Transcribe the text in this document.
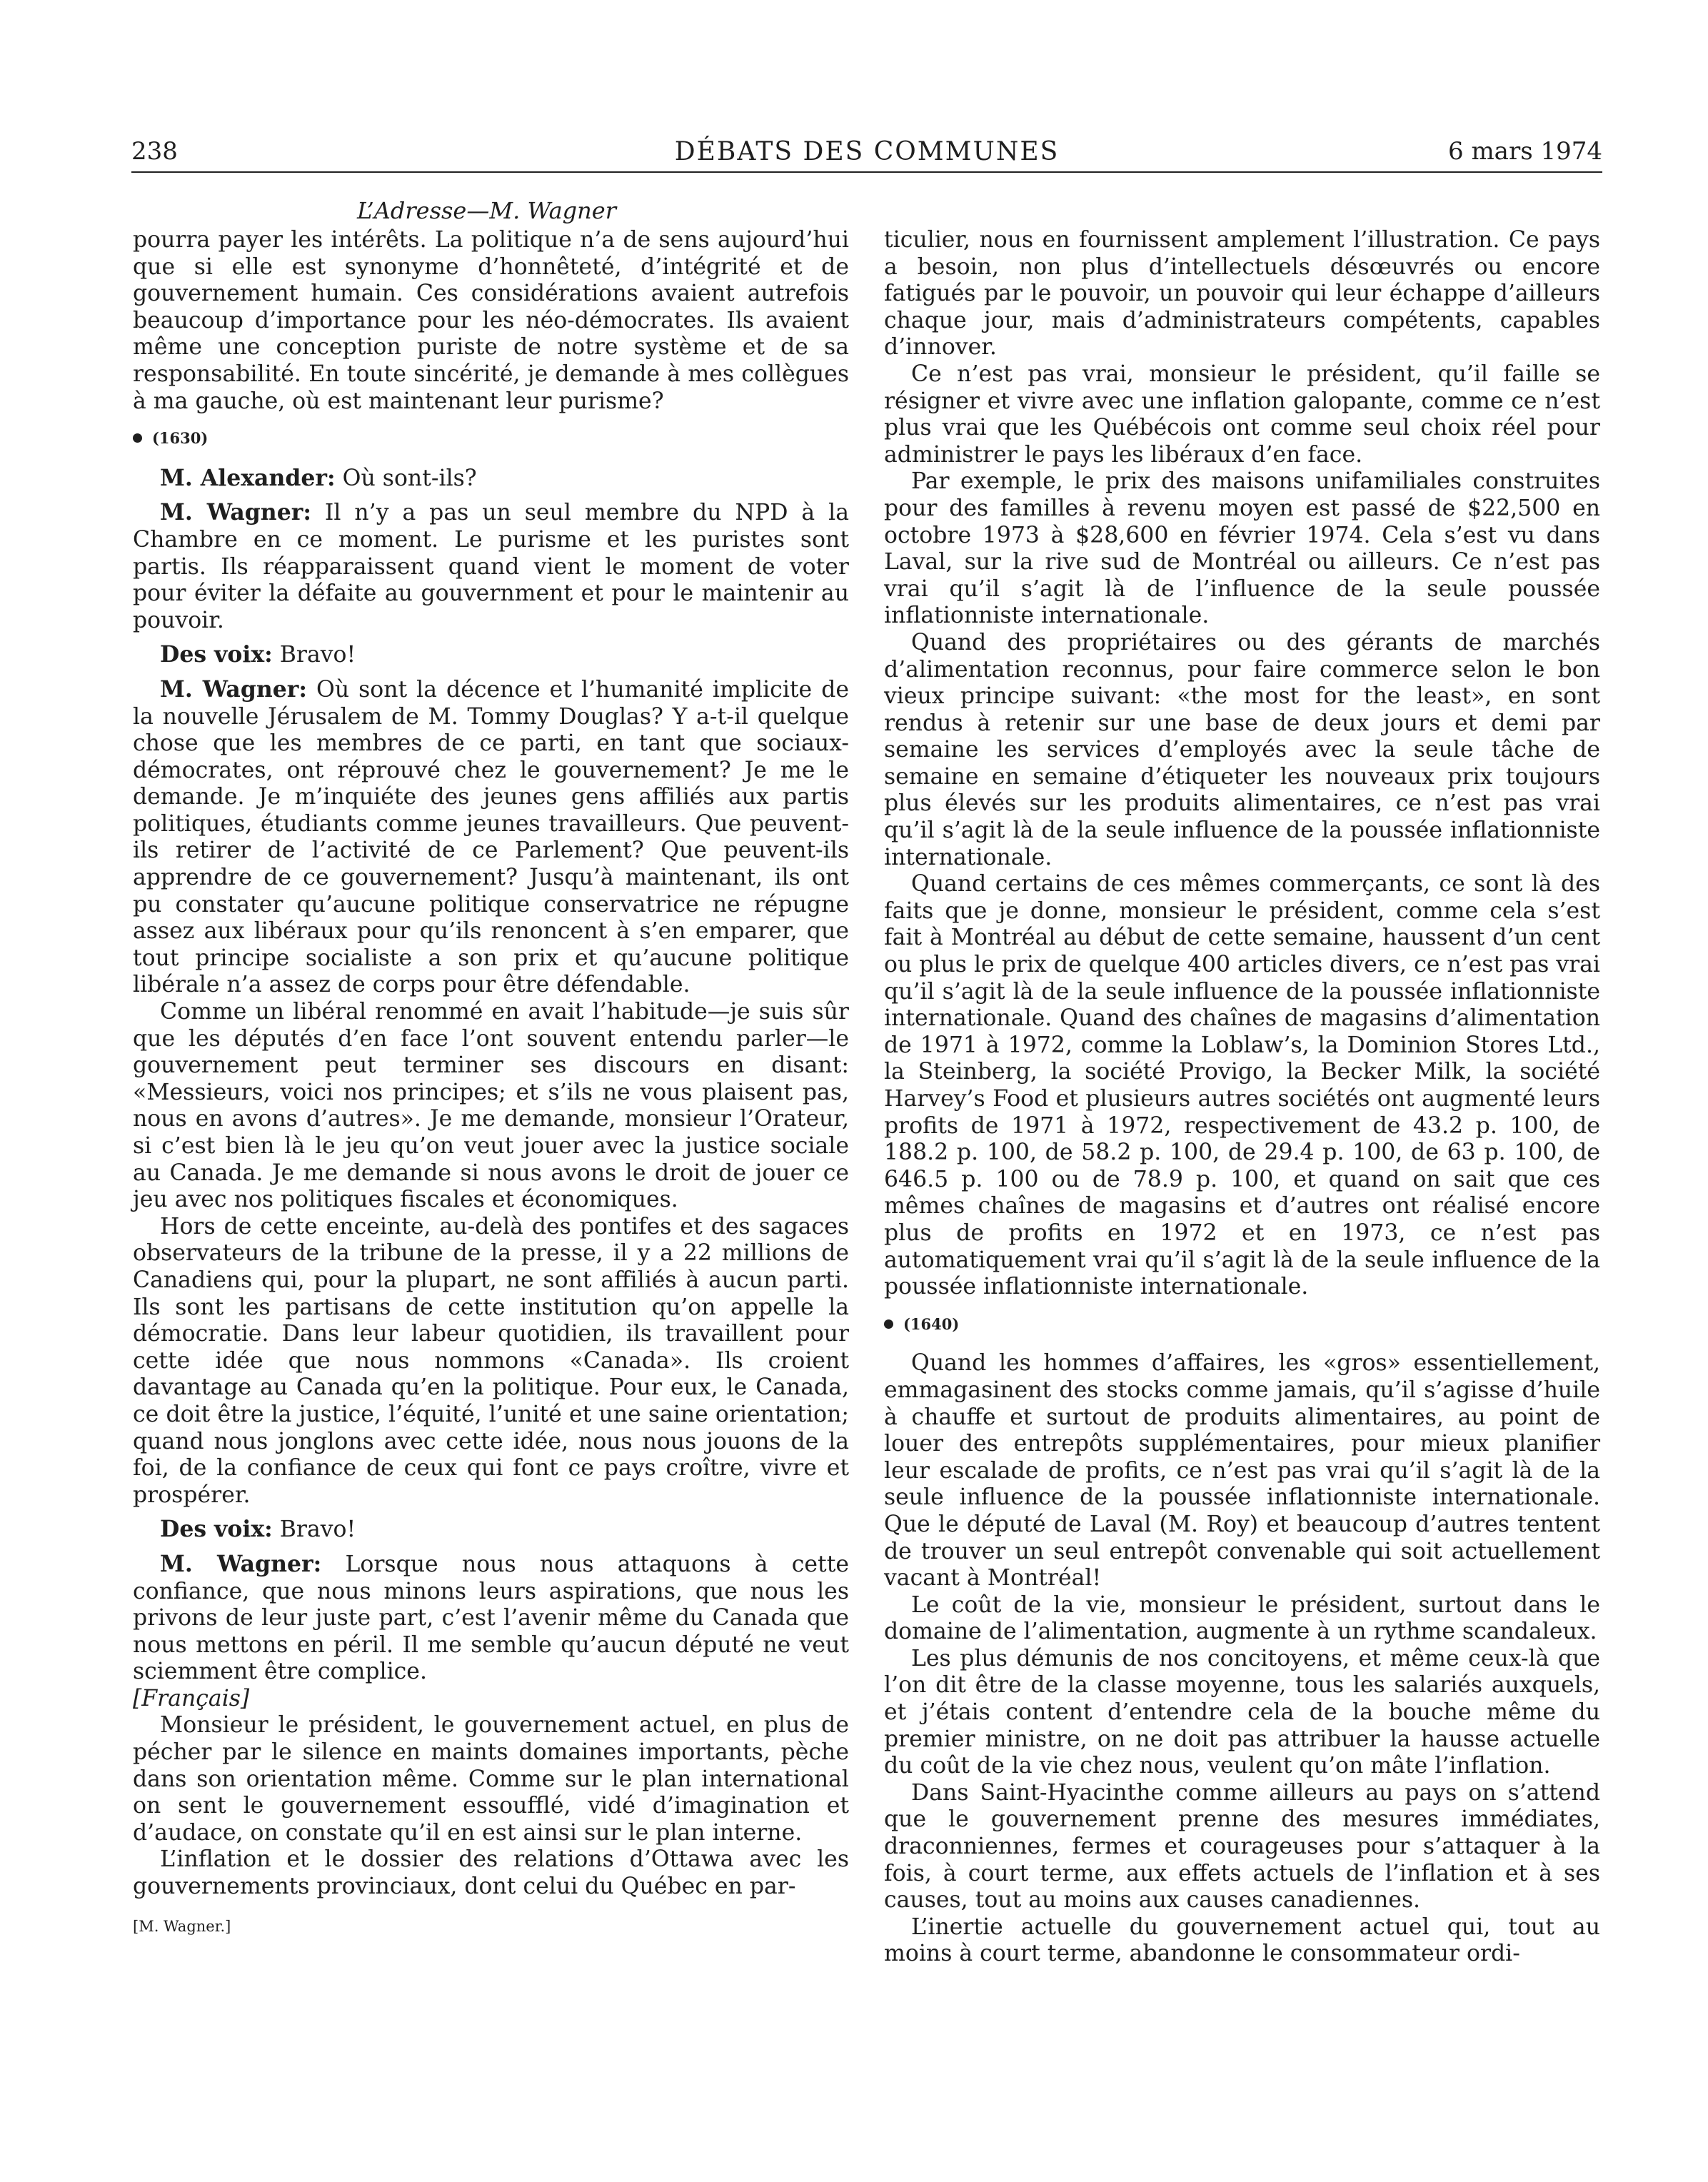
238	DÉBATS DES COMMUNES	6 mars 1974
L’Adresse—M. Wagner

pourra payer les intérêts. La politique n’a de sens aujourd’hui que si elle est synonyme d’honnêteté, d’intégrité et de gouvernement humain. Ces considérations avaient autrefois beaucoup d’importance pour les néo-démocrates. Ils avaient même une conception puriste de notre système et de sa responsabilité. En toute sincérité, je demande à mes collègues à ma gauche, où est maintenant leur purisme?

(1630)

M. Alexander: Où sont-ils?

M. Wagner: Il n’y a pas un seul membre du NPD à la Chambre en ce moment. Le purisme et les puristes sont partis. Ils réapparaissent quand vient le moment de voter pour éviter la défaite au gouvernment et pour le maintenir au pouvoir.

Des voix: Bravo!

M. Wagner: Où sont la décence et l’humanité implicite de la nouvelle Jérusalem de M. Tommy Douglas? Y a-t-il quelque chose que les membres de ce parti, en tant que sociaux-démocrates, ont réprouvé chez le gouvernement? Je me le demande. Je m’inquiéte des jeunes gens affiliés aux partis politiques, étudiants comme jeunes travailleurs. Que peuvent-ils retirer de l’activité de ce Parlement? Que peuvent-ils apprendre de ce gouvernement? Jusqu’à maintenant, ils ont pu constater qu’aucune politique conservatrice ne répugne assez aux libéraux pour qu’ils renoncent à s’en emparer, que tout principe socialiste a son prix et qu’aucune politique libérale n’a assez de corps pour être défendable.

Comme un libéral renommé en avait l’habitude—je suis sûr que les députés d’en face l’ont souvent entendu parler—le gouvernement peut terminer ses discours en disant: «Messieurs, voici nos principes; et s’ils ne vous plaisent pas, nous en avons d’autres». Je me demande, monsieur l’Orateur, si c’est bien là le jeu qu’on veut jouer avec la justice sociale au Canada. Je me demande si nous avons le droit de jouer ce jeu avec nos politiques fiscales et économiques.

Hors de cette enceinte, au-delà des pontifes et des sagaces observateurs de la tribune de la presse, il y a 22 millions de Canadiens qui, pour la plupart, ne sont affiliés à aucun parti. Ils sont les partisans de cette institution qu’on appelle la démocratie. Dans leur labeur quotidien, ils travaillent pour cette idée que nous nommons «Canada». Ils croient davantage au Canada qu’en la politique. Pour eux, le Canada, ce doit être la justice, l’équité, l’unité et une saine orientation; quand nous jonglons avec cette idée, nous nous jouons de la foi, de la confiance de ceux qui font ce pays croître, vivre et prospérer.

Des voix: Bravo!

M. Wagner: Lorsque nous nous attaquons à cette confiance, que nous minons leurs aspirations, que nous les privons de leur juste part, c’est l’avenir même du Canada que nous mettons en péril. Il me semble qu’aucun député ne veut sciemment être complice.

[Français]

Monsieur le président, le gouvernement actuel, en plus de pécher par le silence en maints domaines importants, pèche dans son orientation même. Comme sur le plan international on sent le gouvernement essoufflé, vidé d’imagination et d’audace, on constate qu’il en est ainsi sur le plan interne.

L’inflation et le dossier des relations d’Ottawa avec les gouvernements provinciaux, dont celui du Québec en par-

[M. Wagner.]

ticulier, nous en fournissent amplement l’illustration. Ce pays a besoin, non plus d’intellectuels désœuvrés ou encore fatigués par le pouvoir, un pouvoir qui leur échappe d’ailleurs chaque jour, mais d’administrateurs compétents, capables d’innover.

Ce n’est pas vrai, monsieur le président, qu’il faille se résigner et vivre avec une inflation galopante, comme ce n’est plus vrai que les Québécois ont comme seul choix réel pour administrer le pays les libéraux d’en face.

Par exemple, le prix des maisons unifamiliales construites pour des familles à revenu moyen est passé de $22,500 en octobre 1973 à $28,600 en février 1974. Cela s’est vu dans Laval, sur la rive sud de Montréal ou ailleurs. Ce n’est pas vrai qu’il s’agit là de l’influence de la seule poussée inflationniste internationale.

Quand des propriétaires ou des gérants de marchés d’alimentation reconnus, pour faire commerce selon le bon vieux principe suivant: «the most for the least», en sont rendus à retenir sur une base de deux jours et demi par semaine les services d’employés avec la seule tâche de semaine en semaine d’étiqueter les nouveaux prix toujours plus élevés sur les produits alimentaires, ce n’est pas vrai qu’il s’agit là de la seule influence de la poussée inflationniste internationale.

Quand certains de ces mêmes commerçants, ce sont là des faits que je donne, monsieur le président, comme cela s’est fait à Montréal au début de cette semaine, haussent d’un cent ou plus le prix de quelque 400 articles divers, ce n’est pas vrai qu’il s’agit là de la seule influence de la poussée inflationniste internationale. Quand des chaînes de magasins d’alimentation de 1971 à 1972, comme la Loblaw’s, la Dominion Stores Ltd., la Steinberg, la société Provigo, la Becker Milk, la société Harvey’s Food et plusieurs autres sociétés ont augmenté leurs profits de 1971 à 1972, respectivement de 43.2 p. 100, de 188.2 p. 100, de 58.2 p. 100, de 29.4 p. 100, de 63 p. 100, de 646.5 p. 100 ou de 78.9 p. 100, et quand on sait que ces mêmes chaînes de magasins et d’autres ont réalisé encore plus de profits en 1972 et en 1973, ce n’est pas automatiquement vrai qu’il s’agit là de la seule influence de la poussée inflationniste internationale.

(1640)

Quand les hommes d’affaires, les «gros» essentiellement, emmagasinent des stocks comme jamais, qu’il s’agisse d’huile à chauffe et surtout de produits alimentaires, au point de louer des entrepôts supplémentaires, pour mieux planifier leur escalade de profits, ce n’est pas vrai qu’il s’agit là de la seule influence de la poussée inflationniste internationale. Que le député de Laval (M. Roy) et beaucoup d’autres tentent de trouver un seul entrepôt convenable qui soit actuellement vacant à Montréal!

Le coût de la vie, monsieur le président, surtout dans le domaine de l’alimentation, augmente à un rythme scandaleux.

Les plus démunis de nos concitoyens, et même ceux-là que l’on dit être de la classe moyenne, tous les salariés auxquels, et j’étais content d’entendre cela de la bouche même du premier ministre, on ne doit pas attribuer la hausse actuelle du coût de la vie chez nous, veulent qu’on mâte l’inflation.

Dans Saint-Hyacinthe comme ailleurs au pays on s’attend que le gouvernement prenne des mesures immédiates, draconniennes, fermes et courageuses pour s’attaquer à la fois, à court terme, aux effets actuels de l’inflation et à ses causes, tout au moins aux causes canadiennes.

L’inertie actuelle du gouvernement actuel qui, tout au moins à court terme, abandonne le consommateur ordi-
